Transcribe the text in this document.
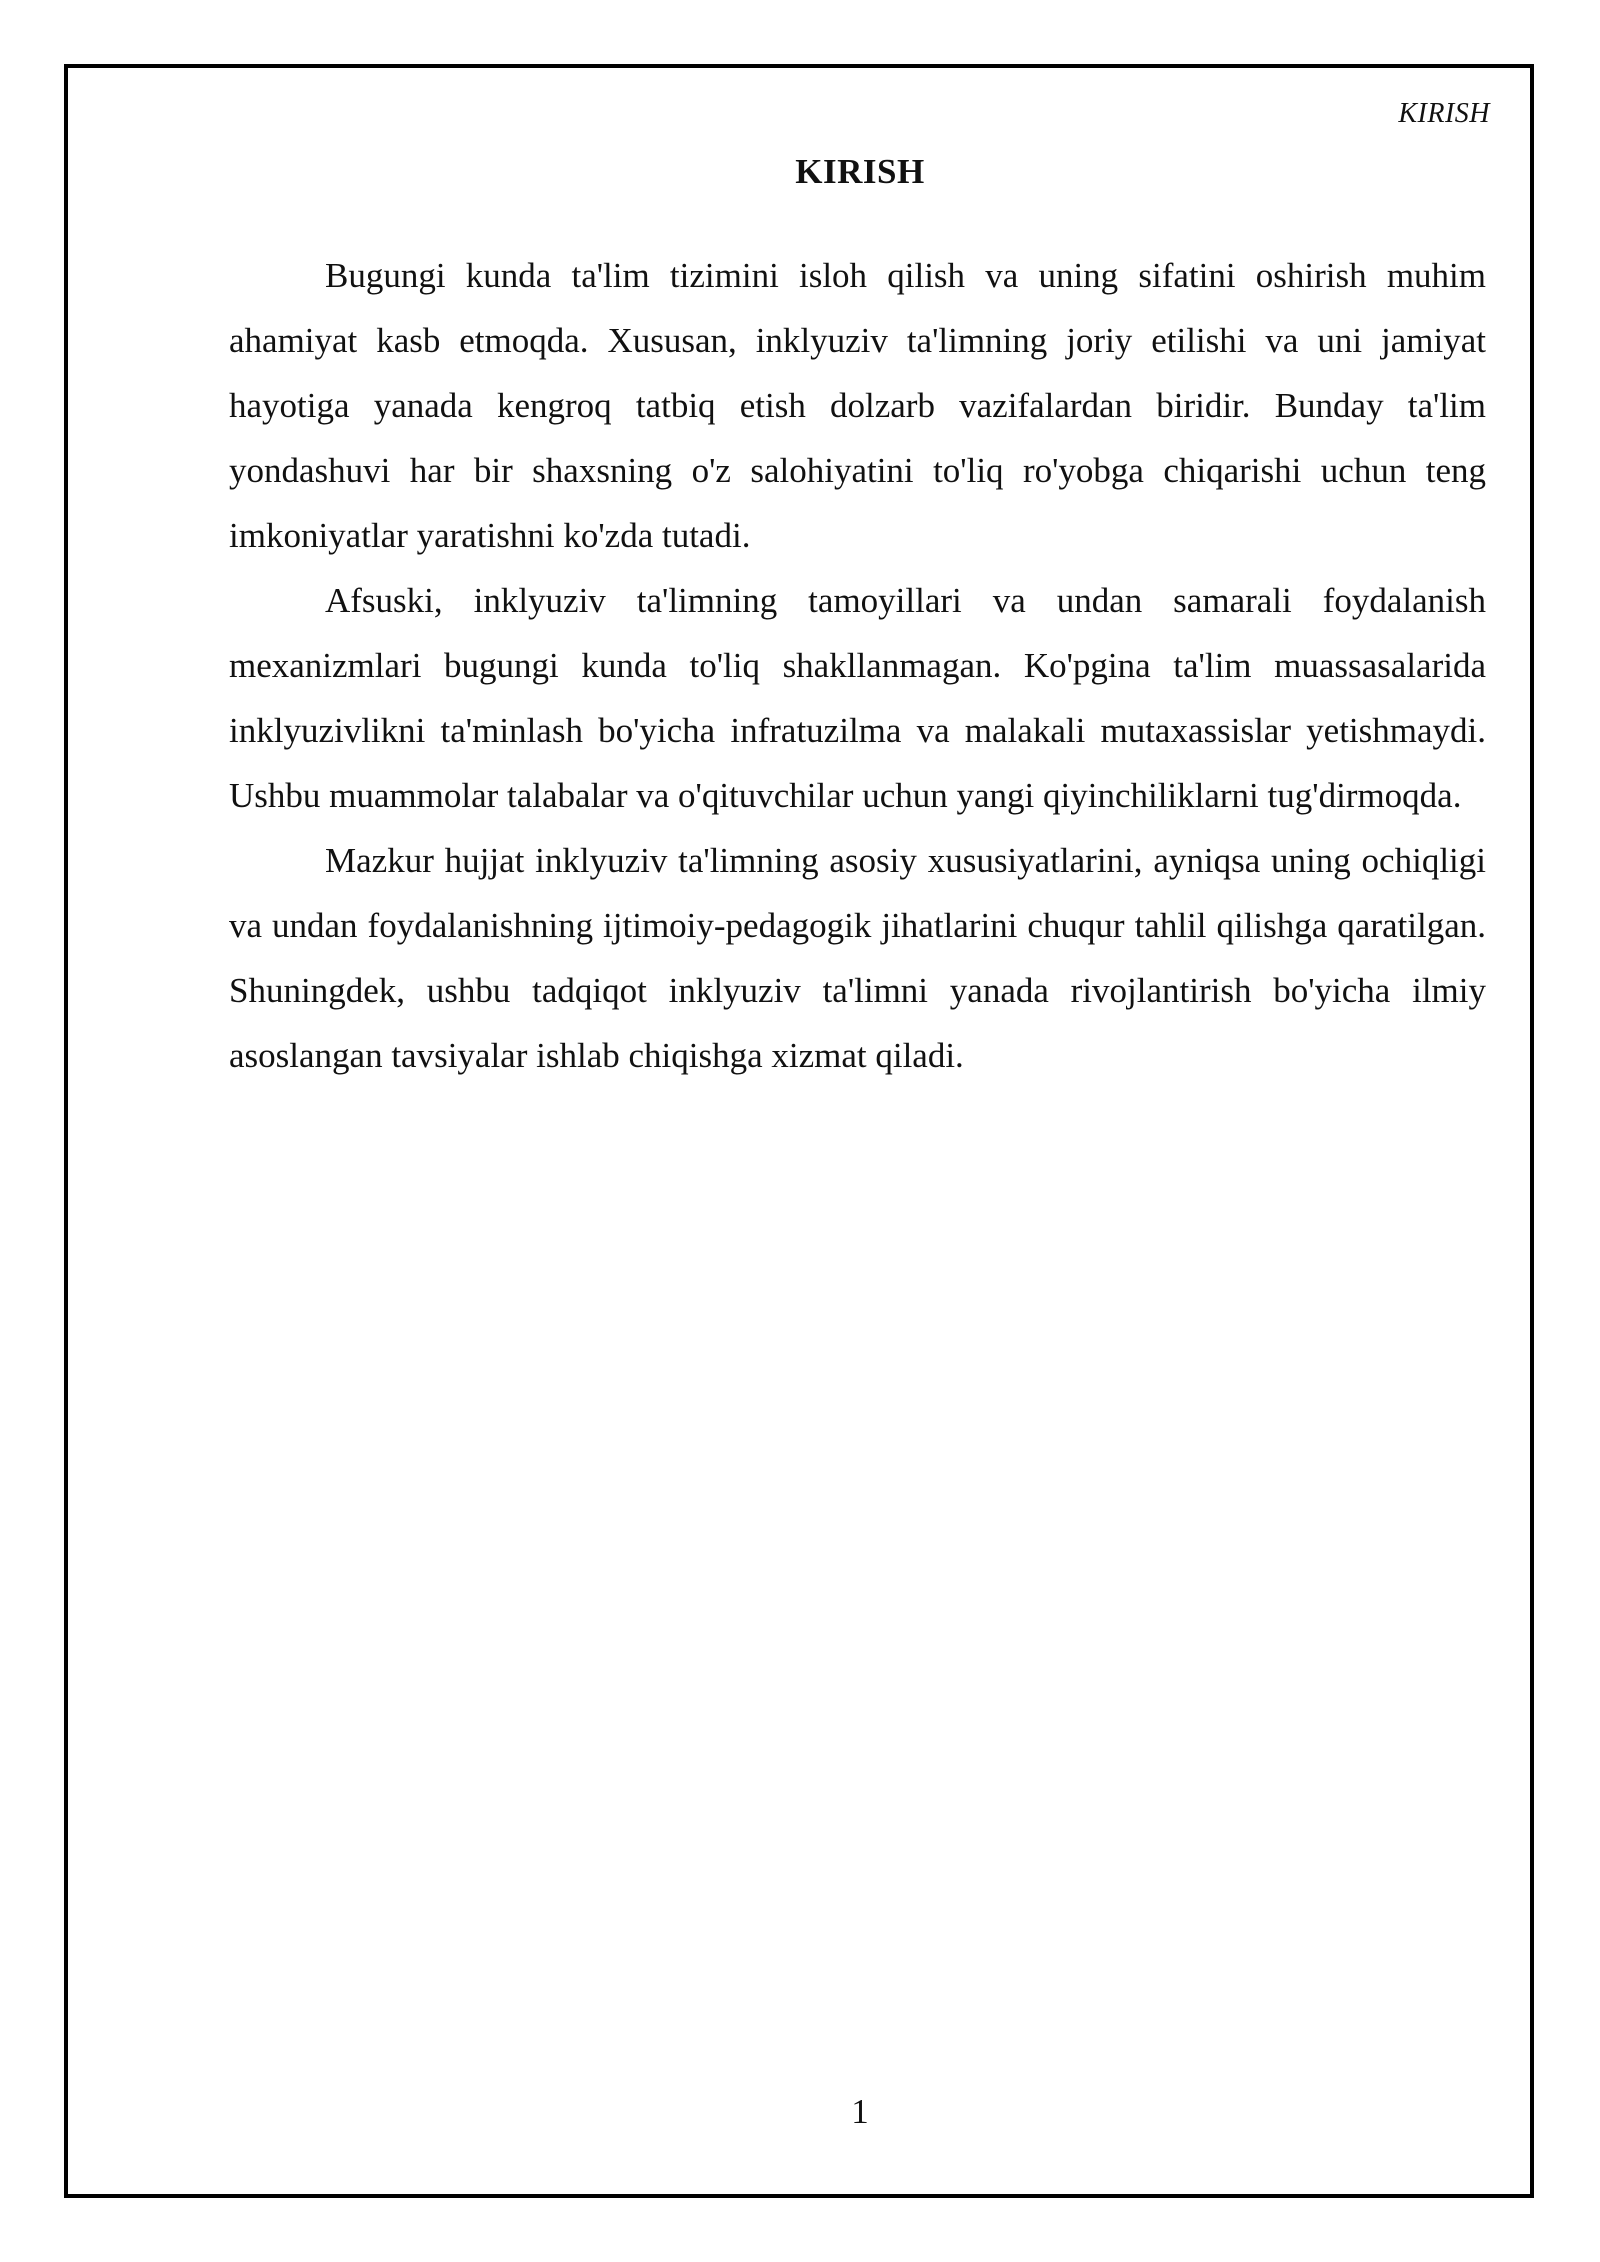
KIRISH
KIRISH

Bugungi kunda ta'lim tizimini isloh qilish va uning sifatini oshirish muhim ahamiyat kasb etmoqda. Xususan, inklyuziv ta'limning joriy etilishi va uni jamiyat hayotiga yanada kengroq tatbiq etish dolzarb vazifalardan biridir. Bunday ta'lim yondashuvi har bir shaxsning o'z salohiyatini to'liq ro'yobga chiqarishi uchun teng imkoniyatlar yaratishni ko'zda tutadi.

Afsuski, inklyuziv ta'limning tamoyillari va undan samarali foydalanish mexanizmlari bugungi kunda to'liq shakllanmagan. Ko'pgina ta'lim muassasalarida inklyuzivlikni ta'minlash bo'yicha infratuzilma va malakali mutaxassislar yetishmaydi. Ushbu muammolar talabalar va o'qituvchilar uchun yangi qiyinchiliklarni tug'dirmoqda.

Mazkur hujjat inklyuziv ta'limning asosiy xususiyatlarini, ayniqsa uning ochiqligi va undan foydalanishning ijtimoiy-pedagogik jihatlarini chuqur tahlil qilishga qaratilgan. Shuningdek, ushbu tadqiqot inklyuziv ta'limni yanada rivojlantirish bo'yicha ilmiy asoslangan tavsiyalar ishlab chiqishga xizmat qiladi.

1
